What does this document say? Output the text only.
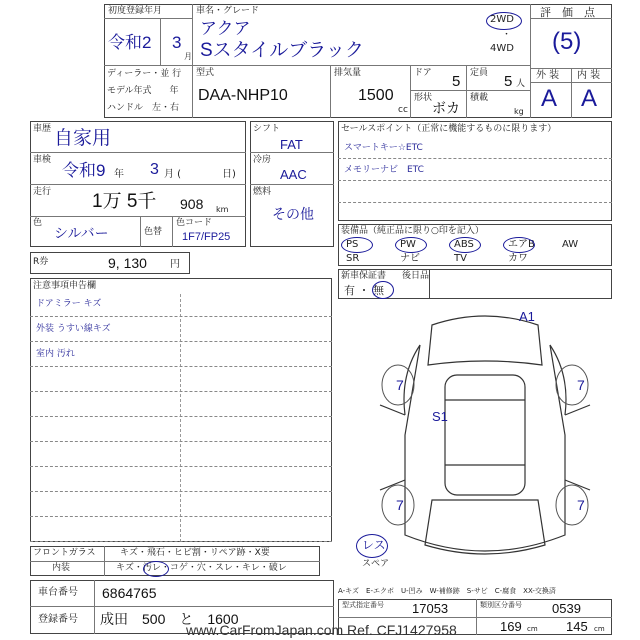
初度登録年月
令和2 3
月
車名・グレード
アクア
Sスタイルブラック
2WD
・
4WD
評　価　点
(5)
ディーラー・並 行
モデル年式　　年
ハンドル　左・右
型式
DAA-NHP10
排気量
1500
cc
ドア 5 定員 5 人
形状
ボカ
積載
kg
外 装 内 装
A A
車歴 自家用
車検
令和9 年 3 月 (	日)
走行 1万 5千 908 km
色
シルバー	色替
色コード
1F7/FP25
シフト
FAT
冷房
AAC
燃料
その他
R券	9, 130 円
セールスポイント（正常に機能するものに限ります）
スマートキー☆ETC
メモリーナビ　ETC
装備品（純正品に限り○印を記入）
新車保証書
有 ・ 無
後日品
注意事項申告欄
ドアミラー キズ
外装 うすい線キズ
室内 汚れ
A1
7	7
S1
7	7
レス
スペア
フロントガラス	キズ・飛石・ヒビ割・リペア跡・X要
内装	キズ・汚レ・コゲ・穴・スレ・キレ・破レ
車台番号 6864765
登録番号 成田　500　と　1600
A-キズ　E-エクボ　U-凹み　W-補修跡　S-サビ　C-腐食　XX-交換済
型式指定番号 17053	類別区分番号 0539
169 cm 145 cm
www.CarFromJapan.com Ref. CFJ1427958
PS	PW	ABS	エアB	AW
SR	ナビ	TV	カワ
